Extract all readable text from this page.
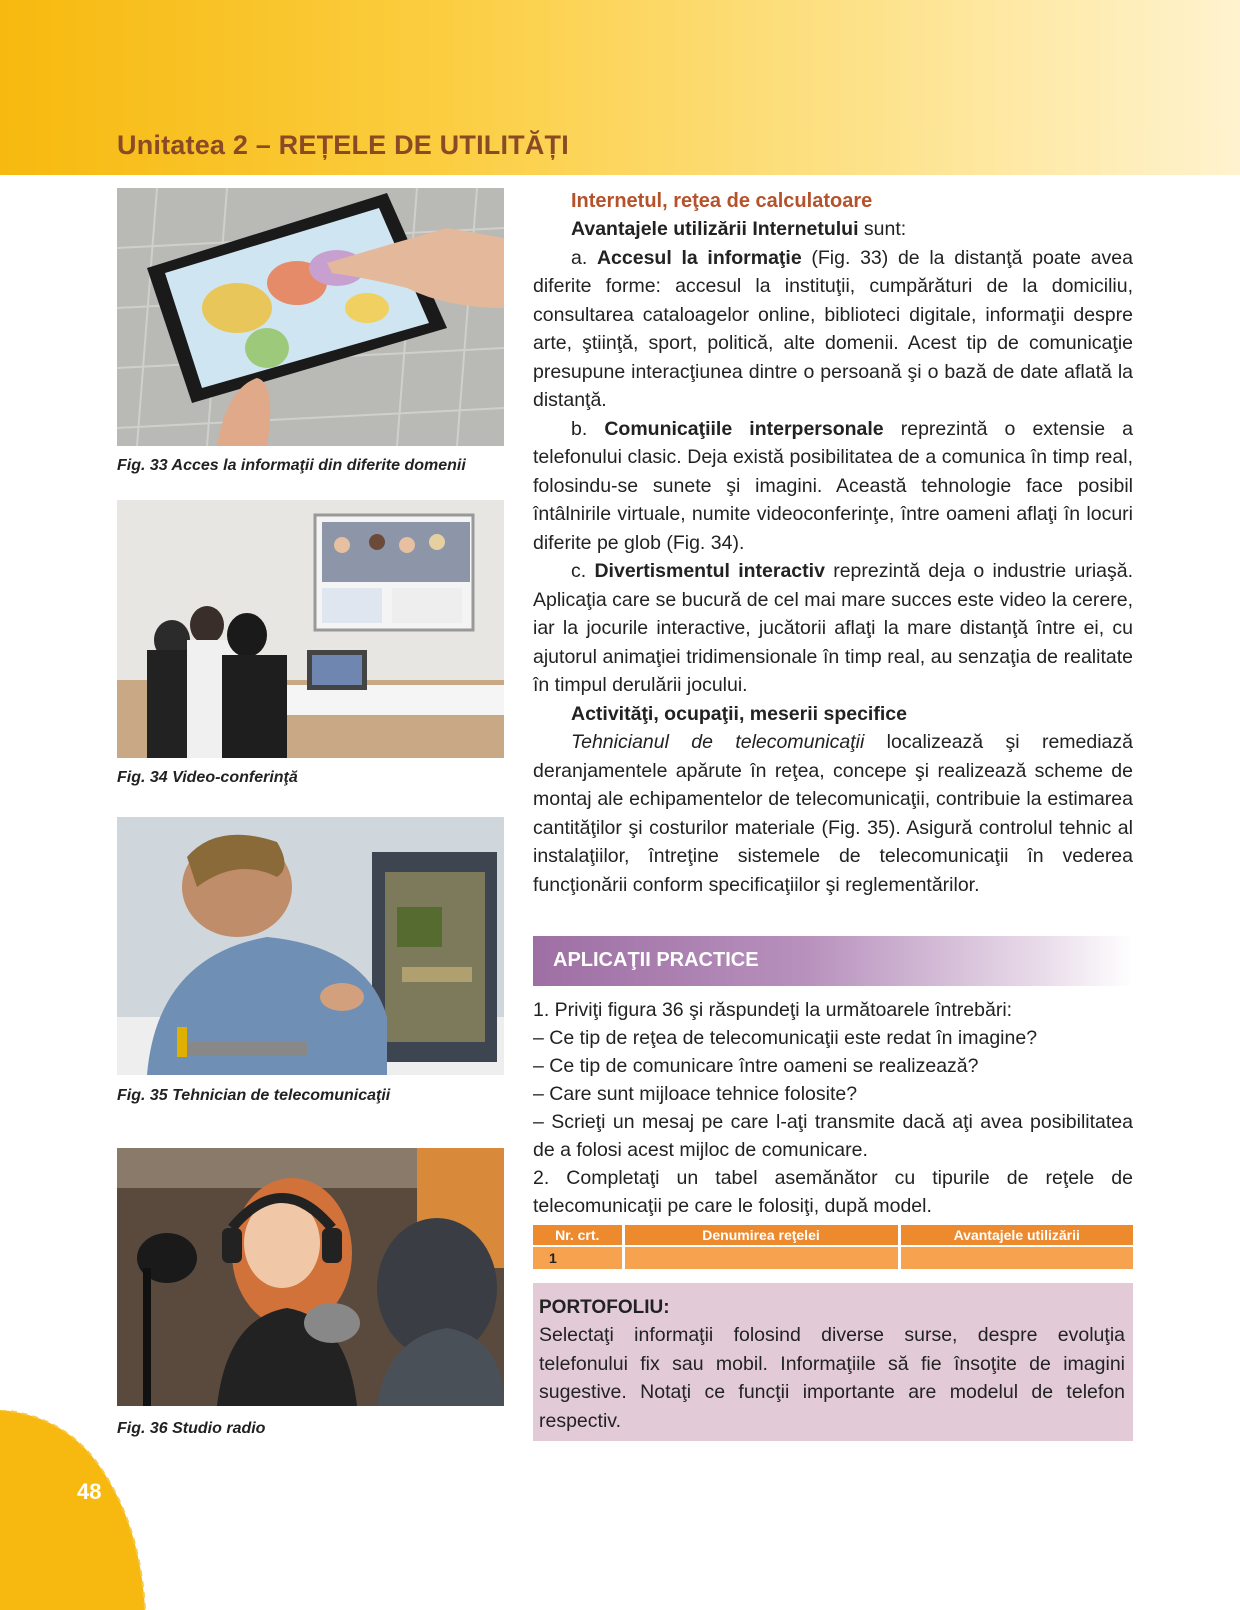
Unitatea 2 – REȚELE DE UTILITĂȚI
Fig. 33 Acces la informaţii din diferite domenii
Fig. 34 Video-conferinţă
Fig. 35 Tehnician de telecomunicaţii
Fig. 36 Studio radio
Internetul, reţea de calculatoare

Avantajele utilizării Internetului sunt:

a. Accesul la informaţie (Fig. 33) de la distanţă poate avea diferite forme: accesul la instituţii, cumpărături de la domiciliu, consultarea cataloagelor online, biblioteci digitale, informaţii despre arte, ştiinţă, sport, politică, alte domenii. Acest tip de comunicaţie presupune interacţiunea dintre o persoană şi o bază de date aflată la distanţă.

b. Comunicaţiile interpersonale reprezintă o extensie a telefonului clasic. Deja există posibilitatea de a comunica în timp real, folosindu-se sunete şi imagini. Această tehnologie face posibil întâlnirile virtuale, numite videoconferinţe, între oameni aflaţi în locuri diferite pe glob (Fig. 34).

c. Divertismentul interactiv reprezintă deja o industrie uriaşă. Aplicaţia care se bucură de cel mai mare succes este video la cerere, iar la jocurile interactive, jucătorii aflaţi la mare distanţă între ei, cu ajutorul animaţiei tridimensionale în timp real, au senzaţia de realitate în timpul derulării jocului.

Activităţi, ocupaţii, meserii specifice

Tehnicianul de telecomunicaţii localizează şi remediază deranjamentele apărute în reţea, concepe şi realizează scheme de montaj ale echipamentelor de telecomunicaţii, contribuie la estimarea cantităţilor şi costurilor materiale (Fig. 35). Asigură controlul tehnic al instalaţiilor, întreţine sistemele de telecomunicaţii în vederea funcţionării conform specificaţiilor şi reglementărilor.

APLICAŢII PRACTICE

1. Priviţi figura 36 şi răspundeţi la următoarele întrebări:

– Ce tip de reţea de telecomunicaţii este redat în imagine?

– Ce tip de comunicare între oameni se realizează?

– Care sunt mijloace tehnice folosite?

– Scrieţi un mesaj pe care l-aţi transmite dacă aţi avea posibilitatea de a folosi acest mijloc de comunicare.

2. Completaţi un tabel asemănător cu tipurile de reţele de telecomunicaţii pe care le folosiţi, după model.

Nr. crt.	Denumirea reţelei	Avantajele utilizării
1		

PORTOFOLIU:

Selectaţi informaţii folosind diverse surse, despre evoluţia telefonului fix sau mobil. Informaţiile să fie însoţite de imagini sugestive. Notaţi ce funcţii importante are modelul de telefon respectiv.

48
